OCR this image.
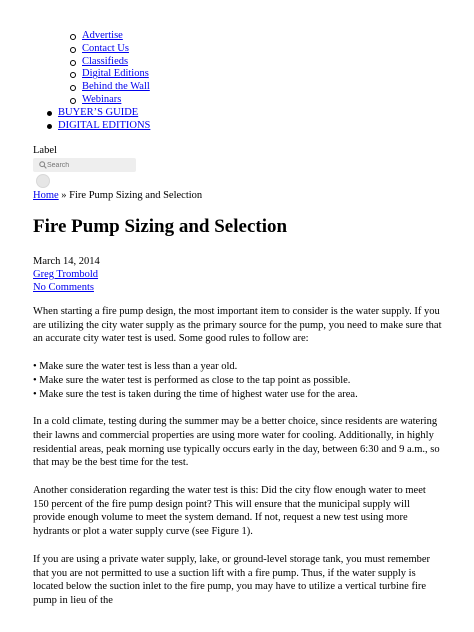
Advertise
Contact Us
Classifieds
Digital Editions
Behind the Wall
Webinars
BUYER’S GUIDE
DIGITAL EDITIONS
Label
Search
Home » Fire Pump Sizing and Selection
Fire Pump Sizing and Selection
March 14, 2014
Greg Trombold
No Comments

When starting a fire pump design, the most important item to consider is the water supply. If you are utilizing the city water supply as the primary source for the pump, you need to make sure that an accurate city water test is used. Some good rules to follow are:

• Make sure the water test is less than a year old.
• Make sure the water test is performed as close to the tap point as possible.
• Make sure the test is taken during the time of highest water use for the area.

In a cold climate, testing during the summer may be a better choice, since residents are watering their lawns and commercial properties are using more water for cooling. Additionally, in highly residential areas, peak morning use typically occurs early in the day, between 6:30 and 9 a.m., so that may be the best time for the test.

Another consideration regarding the water test is this: Did the city flow enough water to meet 150 percent of the fire pump design point? This will ensure that the municipal supply will provide enough volume to meet the system demand. If not, request a new test using more hydrants or plot a water supply curve (see Figure 1).

If you are using a private water supply, lake, or ground-level storage tank, you must remember that you are not permitted to use a suction lift with a fire pump. Thus, if the water supply is located below the suction inlet to the fire pump, you may have to utilize a vertical turbine fire pump in lieu of the
